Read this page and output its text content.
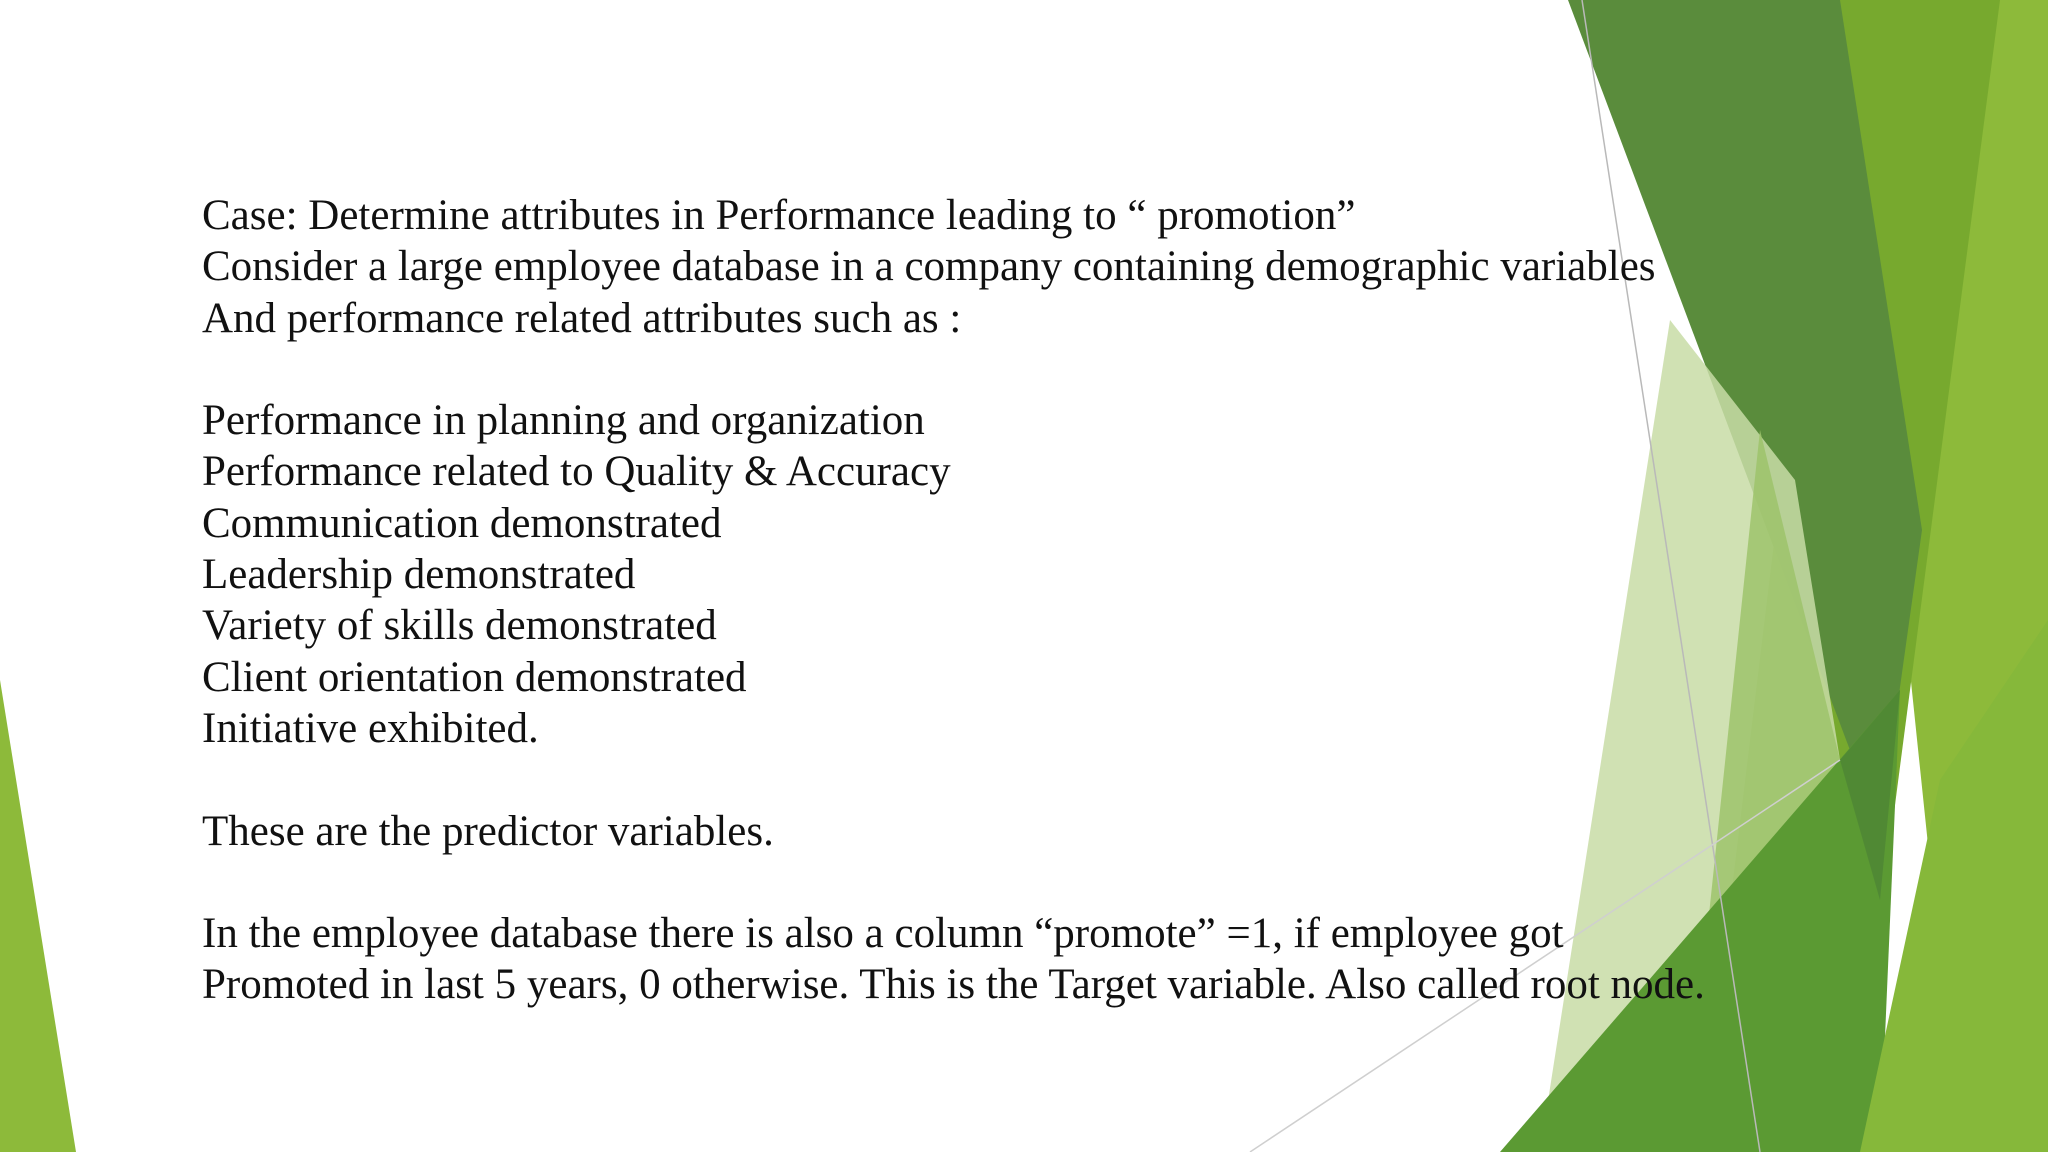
Case: Determine attributes in Performance leading to “ promotion”
Consider a large employee database in a company containing demographic variables
And performance related attributes such as :
Performance in planning and organization
Performance related to Quality & Accuracy
Communication demonstrated
Leadership demonstrated
Variety of skills demonstrated
Client orientation demonstrated
Initiative exhibited.
These are the predictor variables.
In the employee database there is also a column “promote” =1, if employee got
Promoted in last 5 years, 0 otherwise. This is the Target variable. Also called root node.
